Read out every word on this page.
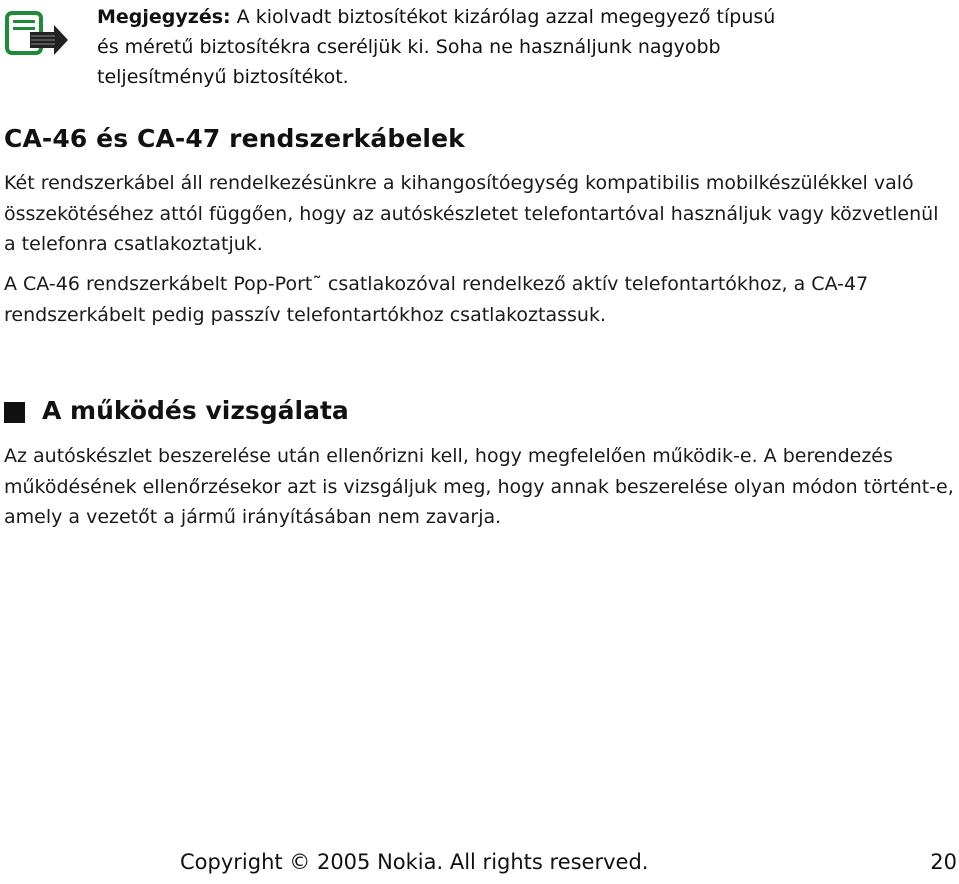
Megjegyzés: A kiolvadt biztosítékot kizárólag azzal megegyező típusú és méretű biztosítékra cseréljük ki. Soha ne használjunk nagyobb teljesítményű biztosítékot.
CA-46 és CA-47 rendszerkábelek

Két rendszerkábel áll rendelkezésünkre a kihangosítóegység kompatibilis mobilkészülékkel való összekötéséhez attól függően, hogy az autóskészletet telefontartóval használjuk vagy közvetlenül a telefonra csatlakoztatjuk.

A CA-46 rendszerkábelt Pop-Port˜ csatlakozóval rendelkező aktív telefontartókhoz, a CA-47 rendszerkábelt pedig passzív telefontartókhoz csatlakoztassuk.

A működés vizsgálata

Az autóskészlet beszerelése után ellenőrizni kell, hogy megfelelően működik-e. A berendezés működésének ellenőrzésekor azt is vizsgáljuk meg, hogy annak beszerelése olyan módon történt-e, amely a vezetőt a jármű irányításában nem zavarja.

Copyright © 2005 Nokia. All rights reserved.	20
